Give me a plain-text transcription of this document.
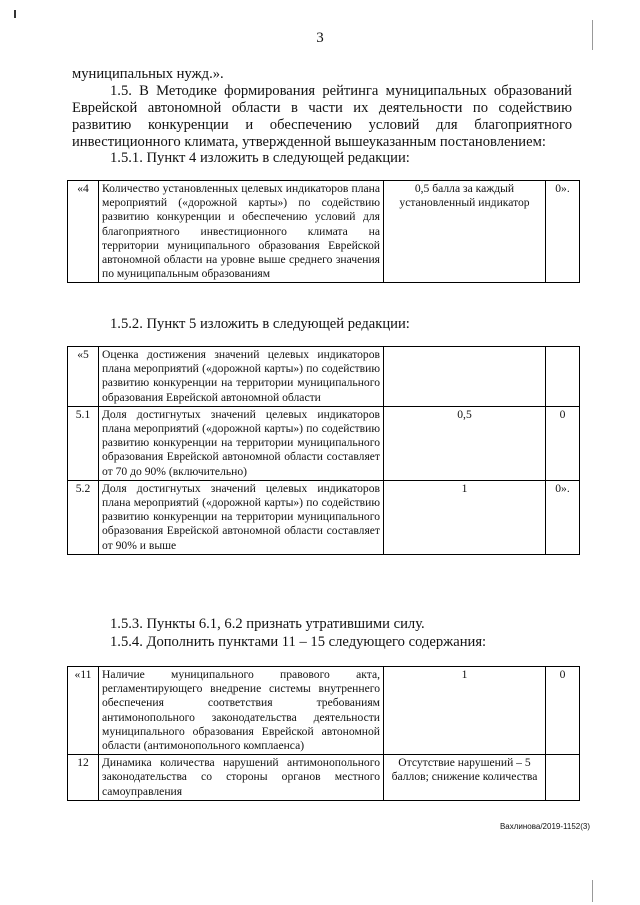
3

муниципальных нужд.».

1.5. В Методике формирования рейтинга муниципальных образований Еврейской автономной области в части их деятельности по содействию развитию конкуренции и обеспечению условий для благоприятного инвестиционного климата, утвержденной вышеуказанным постановлением:

1.5.1. Пункт 4 изложить в следующей редакции:

«4	Количество установленных целевых индикаторов плана мероприятий («дорожной карты») по содействию развитию конкуренции и обеспечению условий для благоприятного инвестиционного климата на территории муниципального образования Еврейской автономной области на уровне выше среднего значения по муниципальным образованиям	0,5 балла за каждый установленный индикатор	0».

1.5.2. Пункт 5 изложить в следующей редакции:

«5	Оценка достижения значений целевых индикаторов плана мероприятий («дорожной карты») по содействию развитию конкуренции на территории муниципального образования Еврейской автономной области		
5.1	Доля достигнутых значений целевых индикаторов плана мероприятий («дорожной карты») по содействию развитию конкуренции на территории муниципального образования Еврейской автономной области составляет от 70 до 90% (включительно)	0,5	0
5.2	Доля достигнутых значений целевых индикаторов плана мероприятий («дорожной карты») по содействию развитию конкуренции на территории муниципального образования Еврейской автономной области составляет от 90% и выше	1	0».

1.5.3. Пункты 6.1, 6.2 признать утратившими силу.

1.5.4. Дополнить пунктами 11 – 15 следующего содержания:

«11	Наличие муниципального правового акта, регламентирующего внедрение системы внутреннего обеспечения соответствия требованиям антимонопольного законодательства деятельности муниципального образования Еврейской автономной области (антимонопольного комплаенса)	1	0
12	Динамика количества нарушений антимонопольного законодательства со стороны органов местного самоуправления	Отсутствие нарушений – 5 баллов; снижение количества	
Вахлинова/2019-1152(3)
